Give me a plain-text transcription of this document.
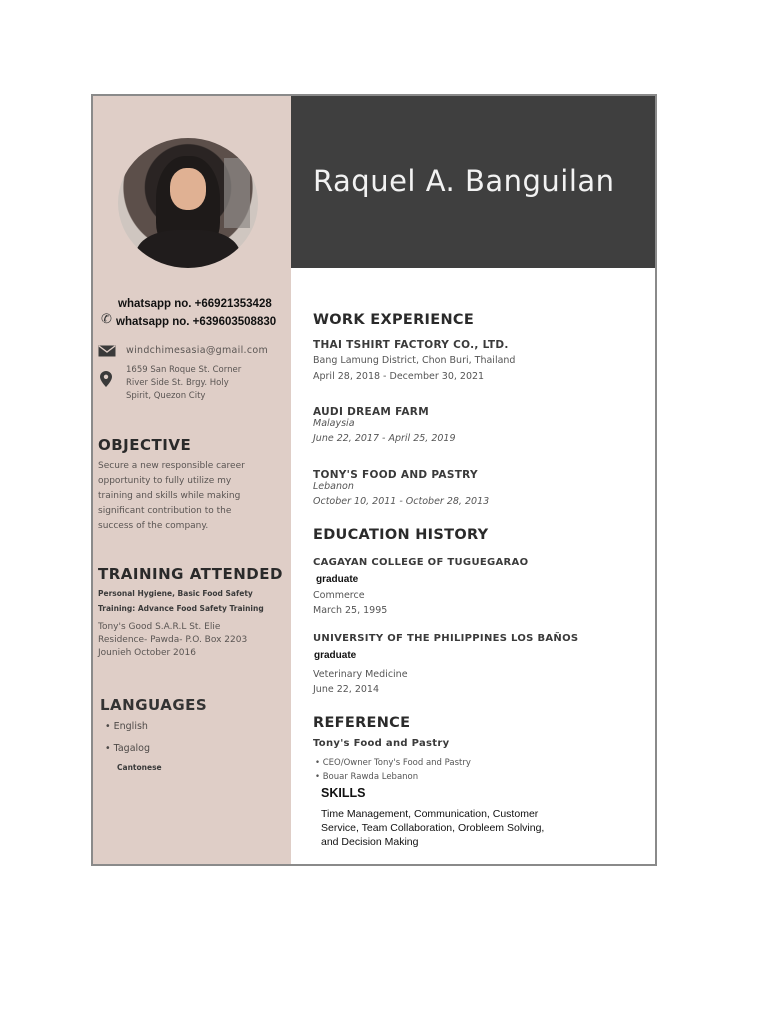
whatsapp no. +66921353428
✆ whatsapp no. +639603508830
windchimesasia@gmail.com
1659 San Roque St. Corner
River Side St. Brgy. Holy
Spirit, Quezon City
OBJECTIVE
Secure a new responsible career
opportunity to fully utilize my
training and skills while making
significant contribution to the
success of the company.
TRAINING ATTENDED
Personal Hygiene, Basic Food Safety
Training: Advance Food Safety Training
Tony's Good S.A.R.L St. Elie
Residence- Pawda- P.O. Box 2203
Jounieh October 2016
LANGUAGES
• English
• Tagalog
Cantonese
Raquel A. Banguilan
WORK EXPERIENCE
THAI TSHIRT FACTORY CO., LTD.
Bang Lamung District, Chon Buri, Thailand
April 28, 2018 - December 30, 2021
AUDI DREAM FARM
Malaysia
June 22, 2017 - April 25, 2019
TONY'S FOOD AND PASTRY
Lebanon
October 10, 2011 - October 28, 2013
EDUCATION HISTORY
CAGAYAN COLLEGE OF TUGUEGARAO
graduate
Commerce
March 25, 1995
UNIVERSITY OF THE PHILIPPINES LOS BAÑOS
graduate
Veterinary Medicine
June 22, 2014
REFERENCE
Tony's Food and Pastry
• CEO/Owner Tony's Food and Pastry
• Bouar Rawda Lebanon
SKILLS
Time Management, Communication, Customer
Service, Team Collaboration, Orobleem Solving,
and Decision Making
